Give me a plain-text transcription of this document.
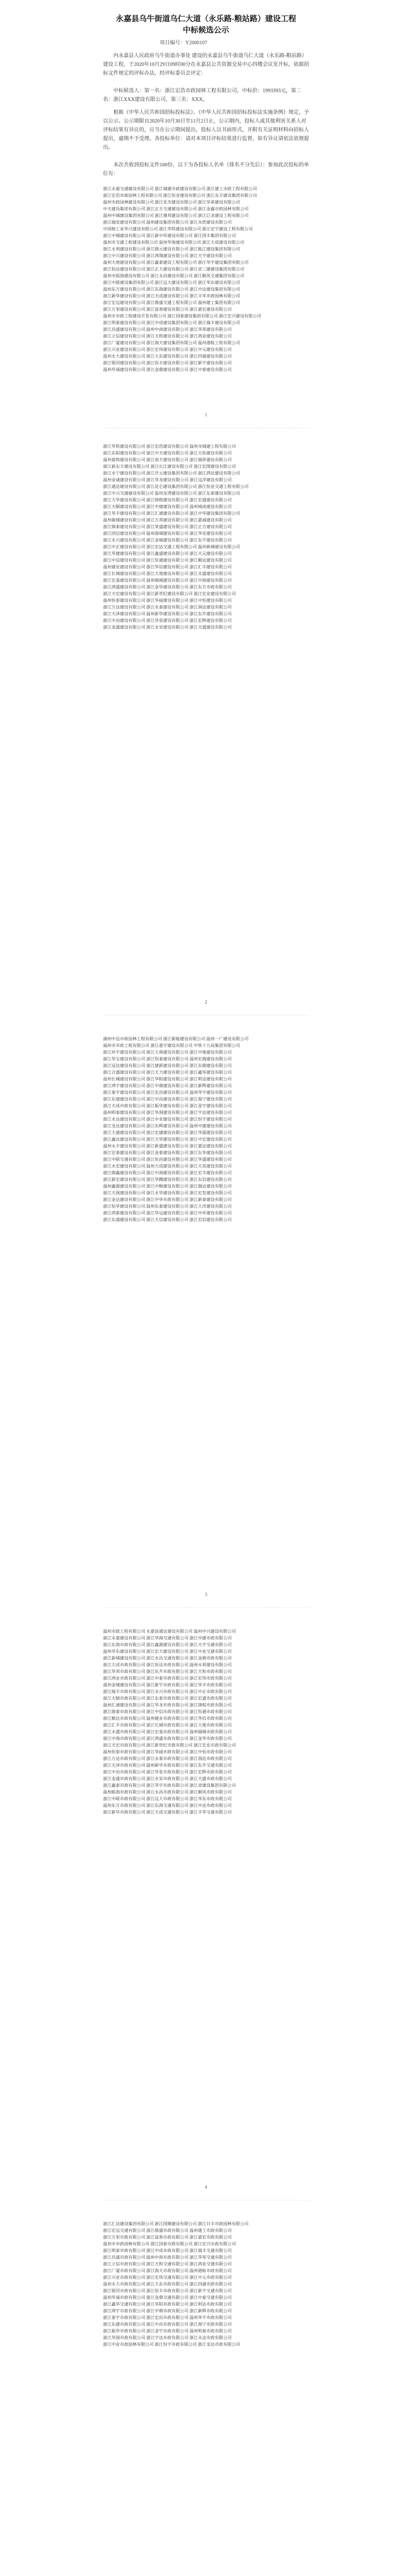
永嘉县乌牛街道乌仁大道（永乐路-粮站路）建设工程
中标候选公示
项目编号：Y2000107
内永嘉县人民政府乌牛街道办事处 建设的永嘉县乌牛街道乌仁大道（永乐路-粮站路）建设工程，于2020年10月29日09时00分在永嘉县公共资源交易中心四楼会议室开标，依据招标文件规定的评标办法，经评标委员会评定：
中标候选人：第一名：浙江宏浩市政园林工程有限公司，中标价：1993393元，第二名：浙江XXX建设有限公司，第三名：XXX。
根据《中华人民共和国招标投标法》、《中华人民共和国招标投标法实施条例》规定，予以公示。公示期限自2020年10月30日至11月2日止，公示期内，投标人或其他利害关系人对评标结果有异议的，应当在公示期间提出，投标人以书面形式，并附有关证明材料向招标人提出，逾期不予受理。各投标单位：请对本项目评标结果进行监督，如有异议请依法依规提出。
本次共收到投标文件160份，以下为各投标人名单（排名不分先后）：参加此次投标的单位有：
浙江永嘉交通建设有限公司 浙江城建市政建设有限公司 浙江建工市政工程有限公司
浙江宏浩市政园林工程有限公司 浙江恒业建设有限公司 浙江东方建设集团有限公司
温州市政园林建设有限公司 浙江亚杰建设有限公司 浙江华甬建设有限公司
中天建设集团有限公司 浙江正方交通建设有限公司 浙江金鑫市政园林有限公司
温州中城建设集团有限公司 浙江德邦建设有限公司 浙江巨龙建设工程有限公司
浙江瑞安建设有限公司 温州建设集团有限公司 浙江永欣建设有限公司
中国核工业华兴建设有限公司 浙江华铁建设有限公司 浙江宏宇建设工程有限公司
浙江中城建设有限公司 浙江新中环建设有限公司 浙江国丰集团有限公司
温州市交通工程建设有限公司 温州华海建设有限公司 浙江大成建设有限公司
浙江永利建设有限公司 浙江鼎元建设有限公司 浙江瓯江建设集团有限公司
浙江中兴建设有限公司 浙江鸿翔建设有限公司 浙江天宇建设有限公司
温州大唐建设有限公司 浙江鑫泰建设工程有限公司 浙江华宇建设集团有限公司
浙江恒达建设有限公司 浙江正大建设有限公司 浙江省三建建设集团有限公司
温州市瓯海建设有限公司 浙江永昌建设有限公司 浙江顺风交通集团有限公司
浙江中联建设集团有限公司 浙江远大建设有限公司 浙江华东建设有限公司
温州东方建设有限公司 浙江东海建设有限公司 浙江中达建设集团有限公司
浙江新华建设有限公司 浙江天成建设有限公司 浙江丰华市政园林有限公司
浙江宏远建设有限公司 浙江鼎盛交通工程有限公司 温州建工集团有限公司
浙江万里建设有限公司 浙江富春建设有限公司 浙江嘉宏建设有限公司
温州市市政工程建设开发有限公司 浙江国泰建设集团有限公司 浙江宏兴建设有限公司
浙江明泰建设有限公司 浙江中成建设集团有限公司 浙江瑞丰建设有限公司
浙江昌盛建设有限公司 温州中南建设有限公司 浙江华邦建设有限公司
浙江立信建设有限公司 浙江天和建设有限公司 浙江鸿业建设有限公司
浙江广厦建设有限公司 浙江海天建设集团有限公司 温州港航工程有限公司
浙江兴业建设有限公司 浙江宏伟建设有限公司 浙江中元建设有限公司
温州永大建设有限公司 浙江大东建设有限公司 浙江四通建设有限公司
浙江银河建设有限公司 浙江恒丰建设有限公司 浙江新宇建设有限公司
温州华诚建设有限公司 浙江金鼎建设有限公司 浙江中泰建设有限公司
1
浙江华铁建设有限公司 浙江宏浩建设有限公司 温州市城建工程有限公司
浙江东阳建设有限公司 浙江中天建设有限公司 浙江天佑建设有限公司
温州嘉和建设有限公司 浙江南方建设有限公司 浙江瑞祥建设有限公司
浙江新东方建设有限公司 浙江长江建设有限公司 浙江宏图建设有限公司
浙江永宁建设有限公司 浙江开元建设集团有限公司 浙江鸿达建设有限公司
温州金诚建设有限公司 浙江华龙建设有限公司 浙江远洋建设有限公司
浙江通达建设有限公司 浙江昆仑建设集团有限公司 浙江恒业交通工程有限公司
浙江中兴交通建设有限公司 温州龙湾建设有限公司 浙江东泰建设有限公司
浙江大华建设有限公司 浙江锦程建设有限公司 浙江宏盛建设有限公司
浙江天顺建设有限公司 浙江中建建设有限公司 温州城南建设有限公司
浙江华丰建设有限公司 浙江汇通建设有限公司 浙江中华建设集团有限公司
温州鹿城建设有限公司 浙江万邦建设有限公司 浙江嘉诚建设有限公司
浙江鼎泰建设有限公司 浙江荣盛建设有限公司 浙江正方建设有限公司
浙江国信建设有限公司 温州海城建设有限公司 浙江华安建设有限公司
浙江永兴建设有限公司 浙江金城建设有限公司 浙江东宇建设有限公司
浙江中正建设有限公司 浙江宏达交通工程有限公司 温州新城建设有限公司
浙江华建建设有限公司 浙江鑫盛建设有限公司 浙江天元建设有限公司
浙江中信建设有限公司 浙江恒通建设有限公司 浙江顺达建设有限公司
温州建业建设有限公司 浙江华信建设有限公司 浙江汇丰建设有限公司
浙江长城建设有限公司 浙江大地建设有限公司 浙江永盛建设有限公司
浙江宏基建设有限公司 温州瑞城建设有限公司 浙江中海建设有限公司
浙江鸿盛建设有限公司 浙江金华建设有限公司 浙江东方市政有限公司
浙江天宏建设有限公司 浙江新世纪建设有限公司 浙江宏业建设有限公司
温州恒泰建设有限公司 浙江华丽建设有限公司 浙江中恒建设有限公司
浙江万达建设有限公司 浙江永泰建设有限公司 浙江润达建设有限公司
浙江天泽建设有限公司 温州新华建设有限公司 浙江东升建设有限公司
浙江中冶建设有限公司 浙江华星建设有限公司 浙江宏辉建设有限公司
浙江金盛建设有限公司 浙江永安建设有限公司 浙江天盛建设有限公司
2
湖州中达市政园林工程有限公司 浙江新能建设有限公司 温州一广建设有限公司
福州市市政工程有限公司 浙江嘉宇建设有限公司 中铁十九局集团有限公司
浙江环宇建设有限公司 浙江大舜建设有限公司 浙江中地建设有限公司
浙江华宝建设有限公司 浙江恒泰建设有限公司 温州宏瑞建设有限公司
浙江冠达建设有限公司 浙江建新建设有限公司 浙江东鼎建设有限公司
浙江合盛建设有限公司 浙江天力建设有限公司 浙江鑫华建设有限公司
温州长城建设有限公司 浙江华阳建设有限公司 浙江明达建设有限公司
浙江鸿宇建设有限公司 浙江中鼎建设有限公司 浙江新辉建设有限公司
浙江泰宇建设有限公司 浙江宏昌建设有限公司 温州华宇建设有限公司
浙江东建建设有限公司 浙江中昌建设有限公司 浙江海宁建设有限公司
浙江天成市政有限公司 浙江振华建设有限公司 浙江金宇建设有限公司
温州明泰建设有限公司 浙江华润建设有限公司 浙江宇达建设有限公司
浙江永达建设有限公司 浙江中业建设有限公司 浙江恒宇建设有限公司
浙江龙达建设有限公司 浙江东辉建设有限公司 温州中建建设有限公司
浙江大通建设有限公司 浙江宏建建设有限公司 浙江华强建设有限公司
浙江鑫达建设有限公司 浙江天华建设有限公司 浙江中宏建设有限公司
温州永丰建设有限公司 浙江新盛建设有限公司 浙江嘉达建设有限公司
浙江宏泰建设有限公司 浙江金泰建设有限公司 浙江东华建设有限公司
浙江中联交通有限公司 浙江恒昌建设有限公司 浙江华盛建设有限公司
浙江永宏建设有限公司 温州大成建设有限公司 浙江天昊建设有限公司
浙江鼎鑫建设有限公司 浙江中润建设有限公司 浙江宏丰建设有限公司
浙江新宏建设有限公司 浙江华腾建设有限公司 浙江东信建设有限公司
温州鑫源建设有限公司 浙江中顺建设有限公司 浙江瑞达建设有限公司
浙江天润建设有限公司 浙江永华建设有限公司 浙江宏发建设有限公司
浙江金达建设有限公司 浙江中华市政有限公司 浙江新泰建设有限公司
浙江恒华建设有限公司 温州东泰建设有限公司 浙江大洋建设有限公司
浙江鸿泰建设有限公司 浙江华远建设有限公司 浙江中环建设有限公司
浙江东盛建设有限公司 浙江天信建设有限公司 浙江宏信建设有限公司
3
温州市政工程有限公司 永嘉县通达建设有限公司 温州中兴建设有限公司
浙江永嘉建设有限公司 浙江华海交通有限公司 浙江中建市政有限公司
浙江东海市政有限公司 浙江鑫源建设有限公司 浙江天宇交通有限公司
温州华东建设有限公司 浙江宏大建设有限公司 浙江中业交通有限公司
浙江新城建设有限公司 浙江永昌交通有限公司 浙江金鼎市政有限公司
浙江大成市政有限公司 浙江恒达市政有限公司 温州永利建设有限公司
浙江华邦市政有限公司 浙江东升市政有限公司 浙江天和市政有限公司
浙江鸿业市政有限公司 浙江中泰市政有限公司 浙江宏伟市政有限公司
温州金城建设有限公司 浙江新宇市政有限公司 浙江华丰市政有限公司
浙江瑞丰市政有限公司 浙江永兴市政有限公司 浙江中正市政有限公司
浙江天顺市政有限公司 浙江东泰市政有限公司 浙江宏盛市政有限公司
温州汇通建设有限公司 浙江华龙市政有限公司 浙江锦程市政有限公司
浙江鼎泰市政有限公司 浙江中信市政有限公司 浙江恒通市政有限公司
浙江顺达市政有限公司 温州建业市政有限公司 浙江华信市政有限公司
浙江汇丰市政有限公司 浙江长城市政有限公司 浙江大地市政有限公司
浙江永盛市政有限公司 浙江宏基市政有限公司 温州瑞城市政有限公司
浙江中海市政有限公司 浙江鸿盛市政有限公司 浙江金华市政有限公司
浙江天宏市政有限公司 浙江新世纪市政有限公司 浙江宏业市政有限公司
温州恒泰市政有限公司 浙江华丽市政有限公司 浙江中恒市政有限公司
浙江万达市政有限公司 浙江永泰市政有限公司 浙江润达市政有限公司
浙江天泽市政有限公司 温州新华市政有限公司 浙江东升交通有限公司
浙江中冶市政有限公司 浙江华星市政有限公司 浙江宏辉市政有限公司
浙江金盛市政有限公司 浙江永安市政有限公司 浙江天盛市政有限公司
浙江鑫泰市政有限公司 浙江华宇市政有限公司 浙江省建设集团有限公司
温州瓯海市政有限公司 浙江永昌市政有限公司 浙江顺风市政有限公司
浙江中联市政有限公司 浙江远大市政有限公司 浙江华东市政有限公司
温州东方市政有限公司 浙江东海交通有限公司 浙江中达市政有限公司
浙江新华市政有限公司 浙江天成交通有限公司 浙江丰华交通有限公司
4
浙江汇达建设集团有限公司 浙江国顺建设有限公司 浙江日丰市政园林有限公司
浙江宏远交通有限公司 浙江鼎盛市政有限公司 温州建工市政有限公司
浙江万里市政有限公司 浙江富春市政有限公司 浙江嘉宏市政有限公司
温州市市政园林有限公司 浙江国泰市政有限公司 浙江宏兴市政有限公司
浙江明泰市政有限公司 浙江中成市政有限公司 浙江瑞丰交通有限公司
浙江昌盛市政有限公司 温州中南市政有限公司 浙江华邦交通有限公司
浙江立信市政有限公司 浙江天和交通有限公司 浙江鸿业交通有限公司
浙江广厦市政有限公司 浙江海天市政有限公司 温州港航市政有限公司
浙江兴业市政有限公司 浙江宏伟交通有限公司 浙江中元市政有限公司
温州永大市政有限公司 浙江大东市政有限公司 浙江四通市政有限公司
浙江银河市政有限公司 浙江恒丰市政有限公司 浙江新宇交通有限公司
温州华诚市政有限公司 浙江金鼎交通有限公司 浙江中泰交通有限公司
浙江鑫华交通有限公司 浙江华阳市政有限公司 浙江明达市政有限公司
浙江鸿宇市政有限公司 浙江中鼎市政有限公司 浙江新辉市政有限公司
浙江泰宇市政有限公司 浙江宏昌市政有限公司 温州华宇市政有限公司
浙江东建市政有限公司 浙江中昌市政有限公司 浙江海宁市政有限公司
浙江振华市政有限公司 浙江金宇市政有限公司 温州明泰市政有限公司
浙江华润市政有限公司 浙江宇达市政有限公司 浙江永达市政有限公司
浙江中业市政园林有限公司 浙江恒宇市政有限公司 浙江龙达市政有限公司
